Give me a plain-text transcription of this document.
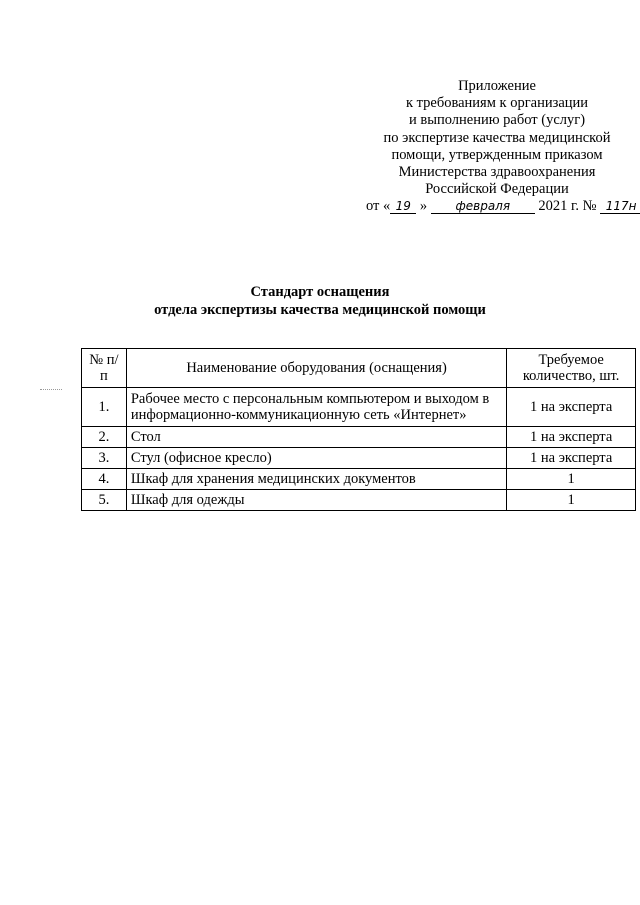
Приложение
к требованиям к организации
и выполнению работ (услуг)
по экспертизе качества медицинской
помощи, утвержденным приказом
Министерства здравоохранения
Российской Федерации
от « 19 » февраля 2021 г. № 117н
Стандарт оснащения
отдела экспертизы качества медицинской помощи
№ п/п	Наименование оборудования (оснащения)	Требуемое количество, шт.
1.	Рабочее место с персональным компьютером и выходом в информационно-коммуникационную сеть «Интернет»	1 на эксперта
2.	Стол	1 на эксперта
3.	Стул (офисное кресло)	1 на эксперта
4.	Шкаф для хранения медицинских документов	1
5.	Шкаф для одежды	1
